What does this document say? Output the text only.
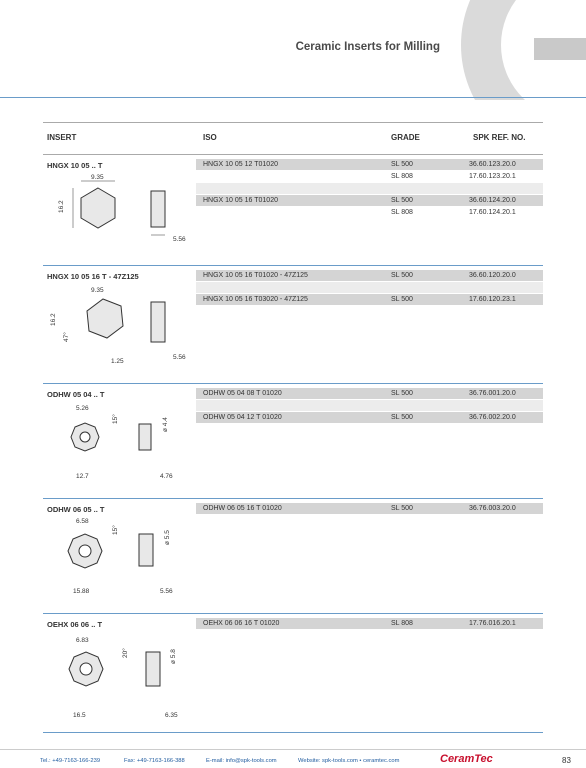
Ceramic Inserts for Milling
INSERT	ISO	GRADE	SPK REF. NO.
HNGX 10 05 .. T
9.35
16.2
5.56
HNGX 10 05 12 T01020	SL 500	36.60.123.20.0
SL 808	17.60.123.20.1
HNGX 10 05 16 T01020	SL 500	36.60.124.20.0
SL 808	17.60.124.20.1
HNGX 10 05 16 T - 47Z125
9.35
16.2
47°
1.25
5.56
HNGX 10 05 16 T01020 - 47Z125	SL 500	36.60.120.20.0
HNGX 10 05 16 T03020 - 47Z125	SL 500	17.60.120.23.1
ODHW 05 04 .. T
5.26
15°	ø 4.4
12.7	4.76
ODHW 05 04 08 T 01020	SL 500	36.76.001.20.0
ODHW 05 04 12 T 01020	SL 500	36.76.002.20.0
ODHW 06 05 .. T
6.58
15°
ø 5.5
15.88	5.56
ODHW 06 05 16 T 01020	SL 500	36.76.003.20.0
OEHX 06 06 .. T
6.83
20°	ø 5.8
16.5	6.35
OEHX 06 06 16 T 01020	SL 808	17.76.016.20.1
Tel.: +49-7163-166-239	Fax: +49-7163-166-388	E-mail: info@spk-tools.com	Website: spk-tools.com • ceramtec.com	CeramTec	83
